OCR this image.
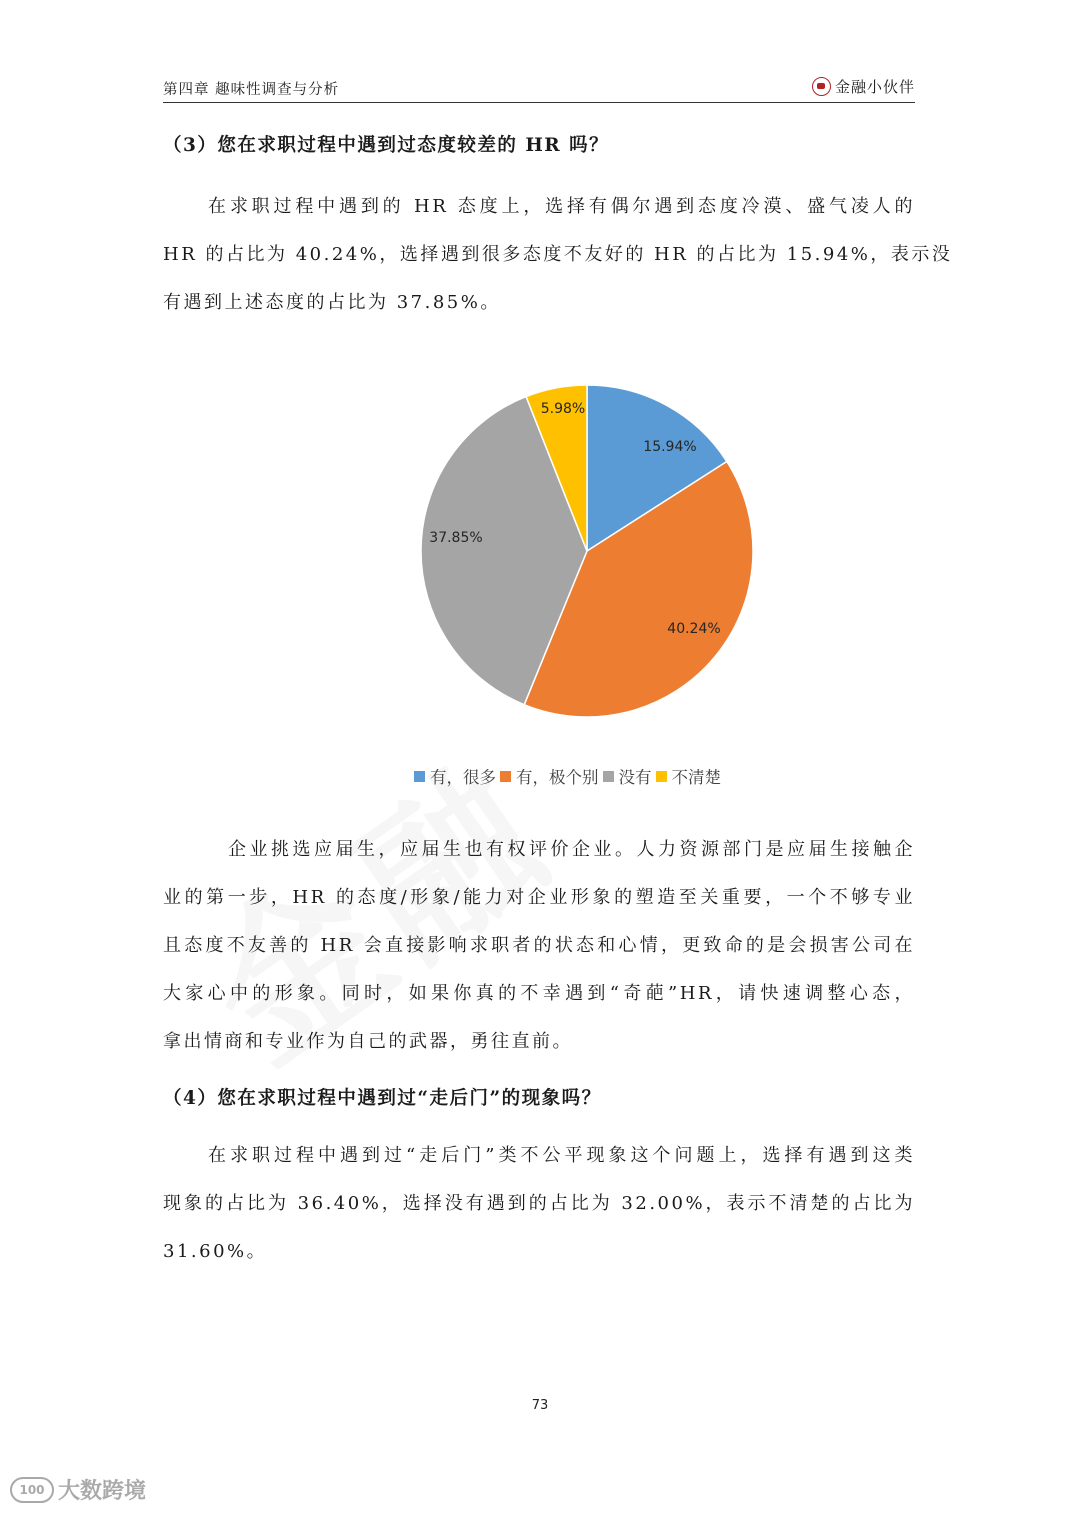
第四章 趣味性调查与分析	金融小伙伴
（3）您在求职过程中遇到过态度较差的 HR 吗？
在求职过程中遇到的 HR 态度上，选择有偶尔遇到态度冷漠、盛气凌人的
HR 的占比为 40.24%，选择遇到很多态度不友好的 HR 的占比为 15.94%，表示没
有遇到上述态度的占比为 37.85%。
15.94%
40.24%
37.85%
5.98%
有，很多 有，极个别 没有 不清楚
企业挑选应届生，应届生也有权评价企业。人力资源部门是应届生接触企
业的第一步，HR 的态度/形象/能力对企业形象的塑造至关重要，一个不够专业
且态度不友善的 HR 会直接影响求职者的状态和心情，更致命的是会损害公司在
大家心中的形象。同时，如果你真的不幸遇到“奇葩”HR，请快速调整心态，
拿出情商和专业作为自己的武器，勇往直前。
（4）您在求职过程中遇到过“走后门”的现象吗？
在求职过程中遇到过“走后门”类不公平现象这个问题上，选择有遇到这类
现象的占比为 36.40%，选择没有遇到的占比为 32.00%，表示不清楚的占比为
31.60%。
73
100 大数跨境
